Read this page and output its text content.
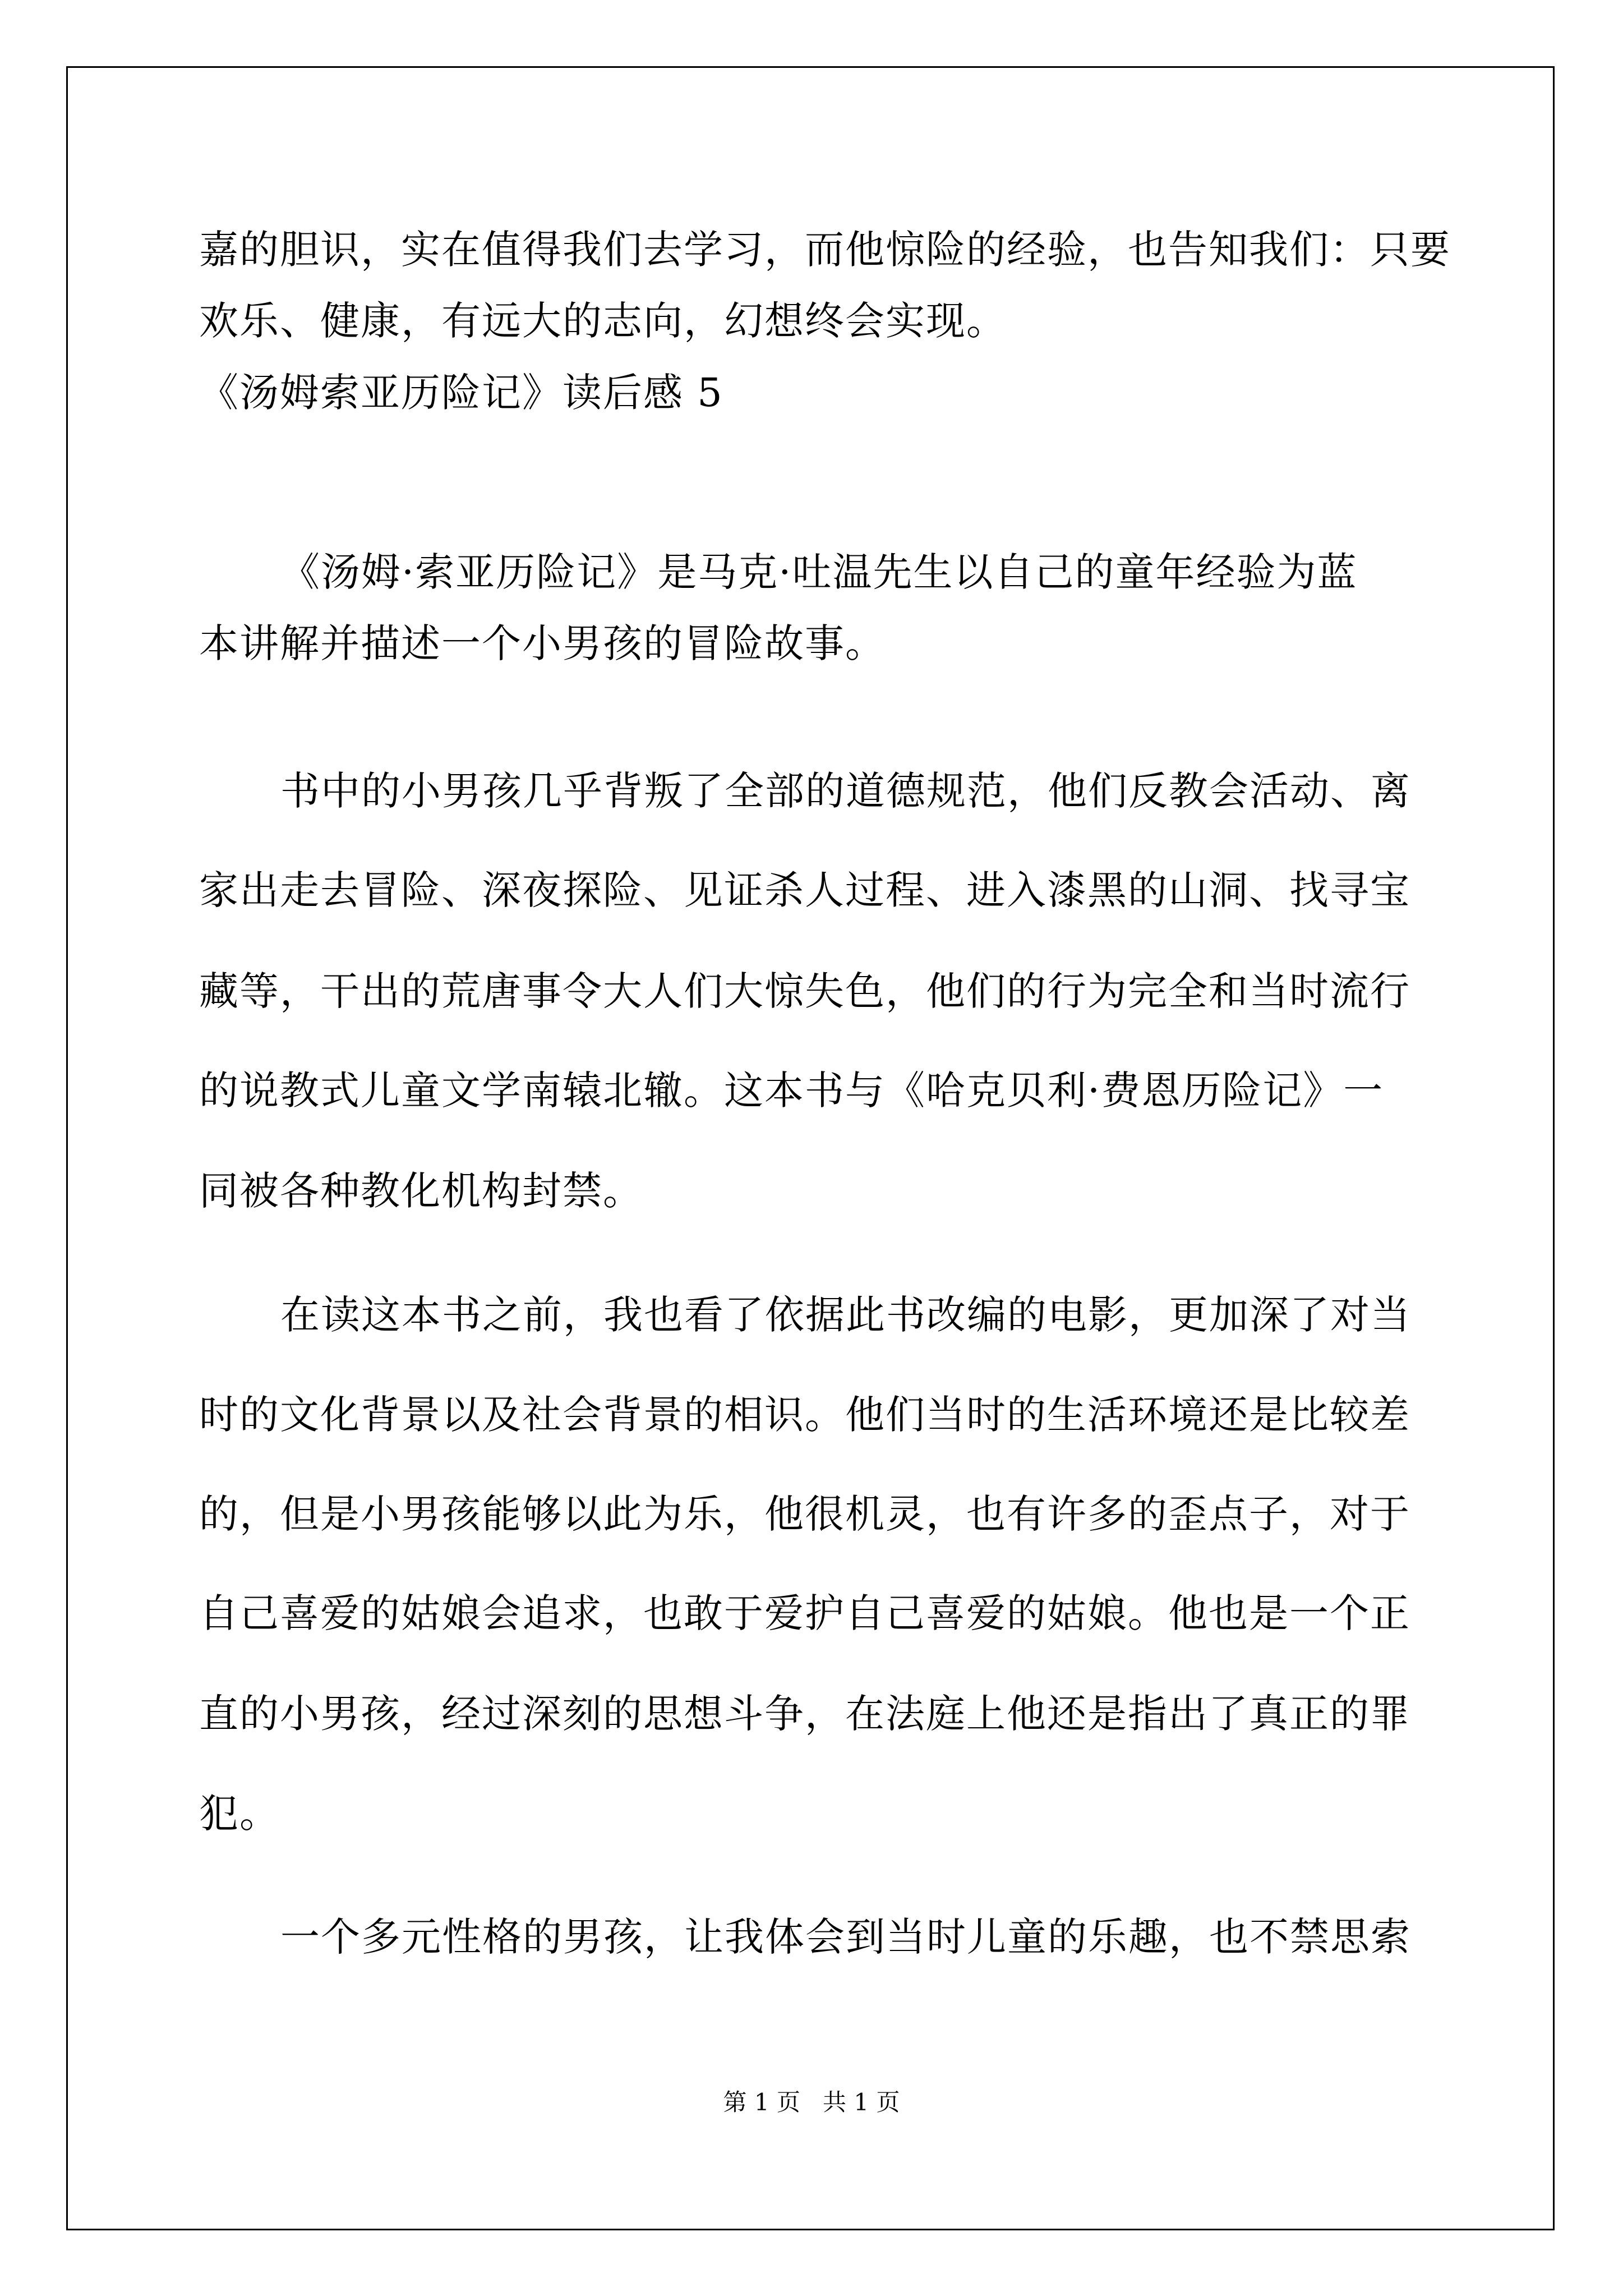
嘉的胆识，实在值得我们去学习，而他惊险的经验，也告知我们：只要
欢乐、健康，有远大的志向，幻想终会实现。
《汤姆索亚历险记》读后感 5
《汤姆·索亚历险记》是马克·吐温先生以自己的童年经验为蓝
本讲解并描述一个小男孩的冒险故事。
书中的小男孩几乎背叛了全部的道德规范，他们反教会活动、离
家出走去冒险、深夜探险、见证杀人过程、进入漆黑的山洞、找寻宝
藏等，干出的荒唐事令大人们大惊失色，他们的行为完全和当时流行
的说教式儿童文学南辕北辙。这本书与《哈克贝利·费恩历险记》一
同被各种教化机构封禁。
在读这本书之前，我也看了依据此书改编的电影，更加深了对当
时的文化背景以及社会背景的相识。他们当时的生活环境还是比较差
的，但是小男孩能够以此为乐，他很机灵，也有许多的歪点子，对于
自己喜爱的姑娘会追求，也敢于爱护自己喜爱的姑娘。他也是一个正
直的小男孩，经过深刻的思想斗争，在法庭上他还是指出了真正的罪
犯。
一个多元性格的男孩，让我体会到当时儿童的乐趣，也不禁思索
第 1 页   共 1 页
